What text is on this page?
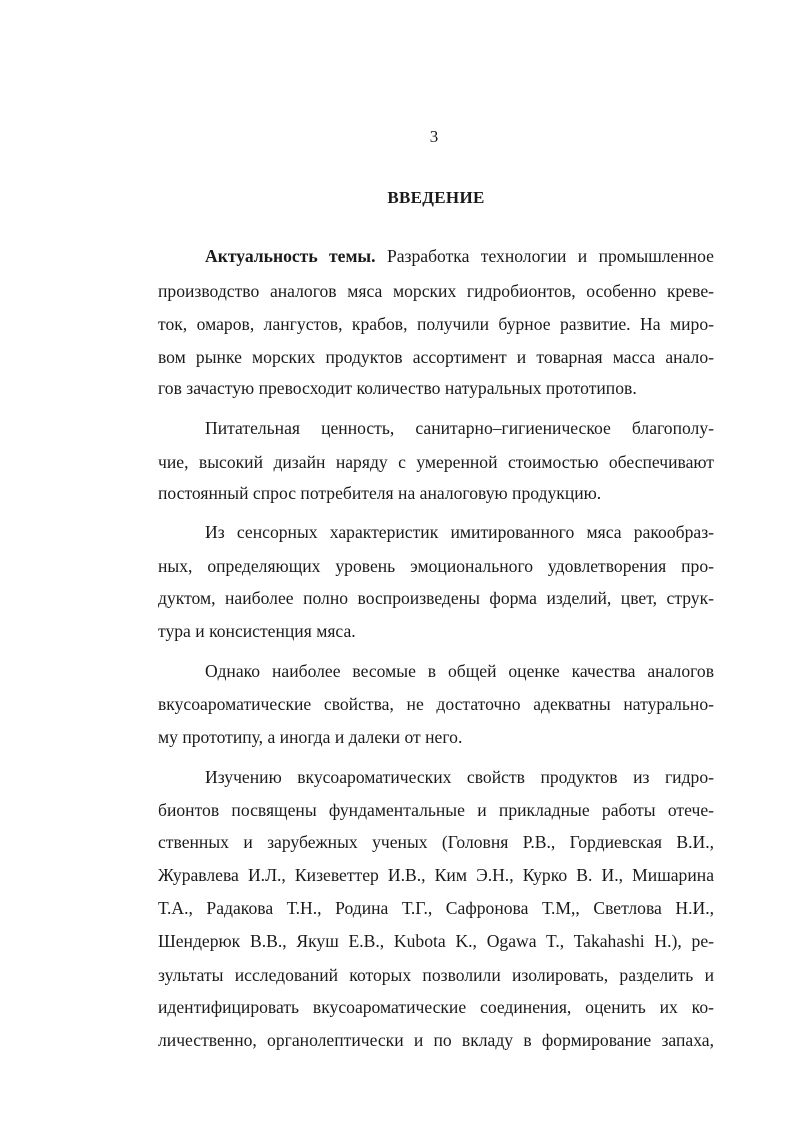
3
ВВЕДЕНИЕ
Актуальность темы. Разработка технологии и промышленное
производство аналогов мяса морских гидробионтов, особенно креве-
ток, омаров, лангустов, крабов, получили бурное развитие. На миро-
вом рынке морских продуктов ассортимент и товарная масса анало-
гов зачастую превосходит количество натуральных прототипов.
Питательная ценность, санитарно–гигиеническое благополу-
чие, высокий дизайн наряду с умеренной стоимостью обеспечивают
постоянный спрос потребителя на аналоговую продукцию.
Из сенсорных характеристик имитированного мяса ракообраз-
ных, определяющих уровень эмоционального удовлетворения про-
дуктом, наиболее полно воспроизведены форма изделий, цвет, струк-
тура и консистенция мяса.
Однако наиболее весомые в общей оценке качества аналогов
вкусоароматические свойства, не достаточно адекватны натурально-
му прототипу, а иногда и далеки от него.
Изучению вкусоароматических свойств продуктов из гидро-
бионтов посвящены фундаментальные и прикладные работы отече-
ственных и зарубежных ученых (Головня Р.В., Гордиевская В.И.,
Журавлева И.Л., Кизеветтер И.В., Ким Э.Н., Курко В. И., Мишарина
Т.А., Радакова Т.Н., Родина Т.Г., Сафронова Т.М,, Светлова Н.И.,
Шендерюк В.В., Якуш Е.В., Kubota K., Ogawa T., Takahashi H.), ре-
зультаты исследований которых позволили изолировать, разделить и
идентифицировать вкусоароматические соединения, оценить их ко-
личественно, органолептически и по вкладу в формирование запаха,
